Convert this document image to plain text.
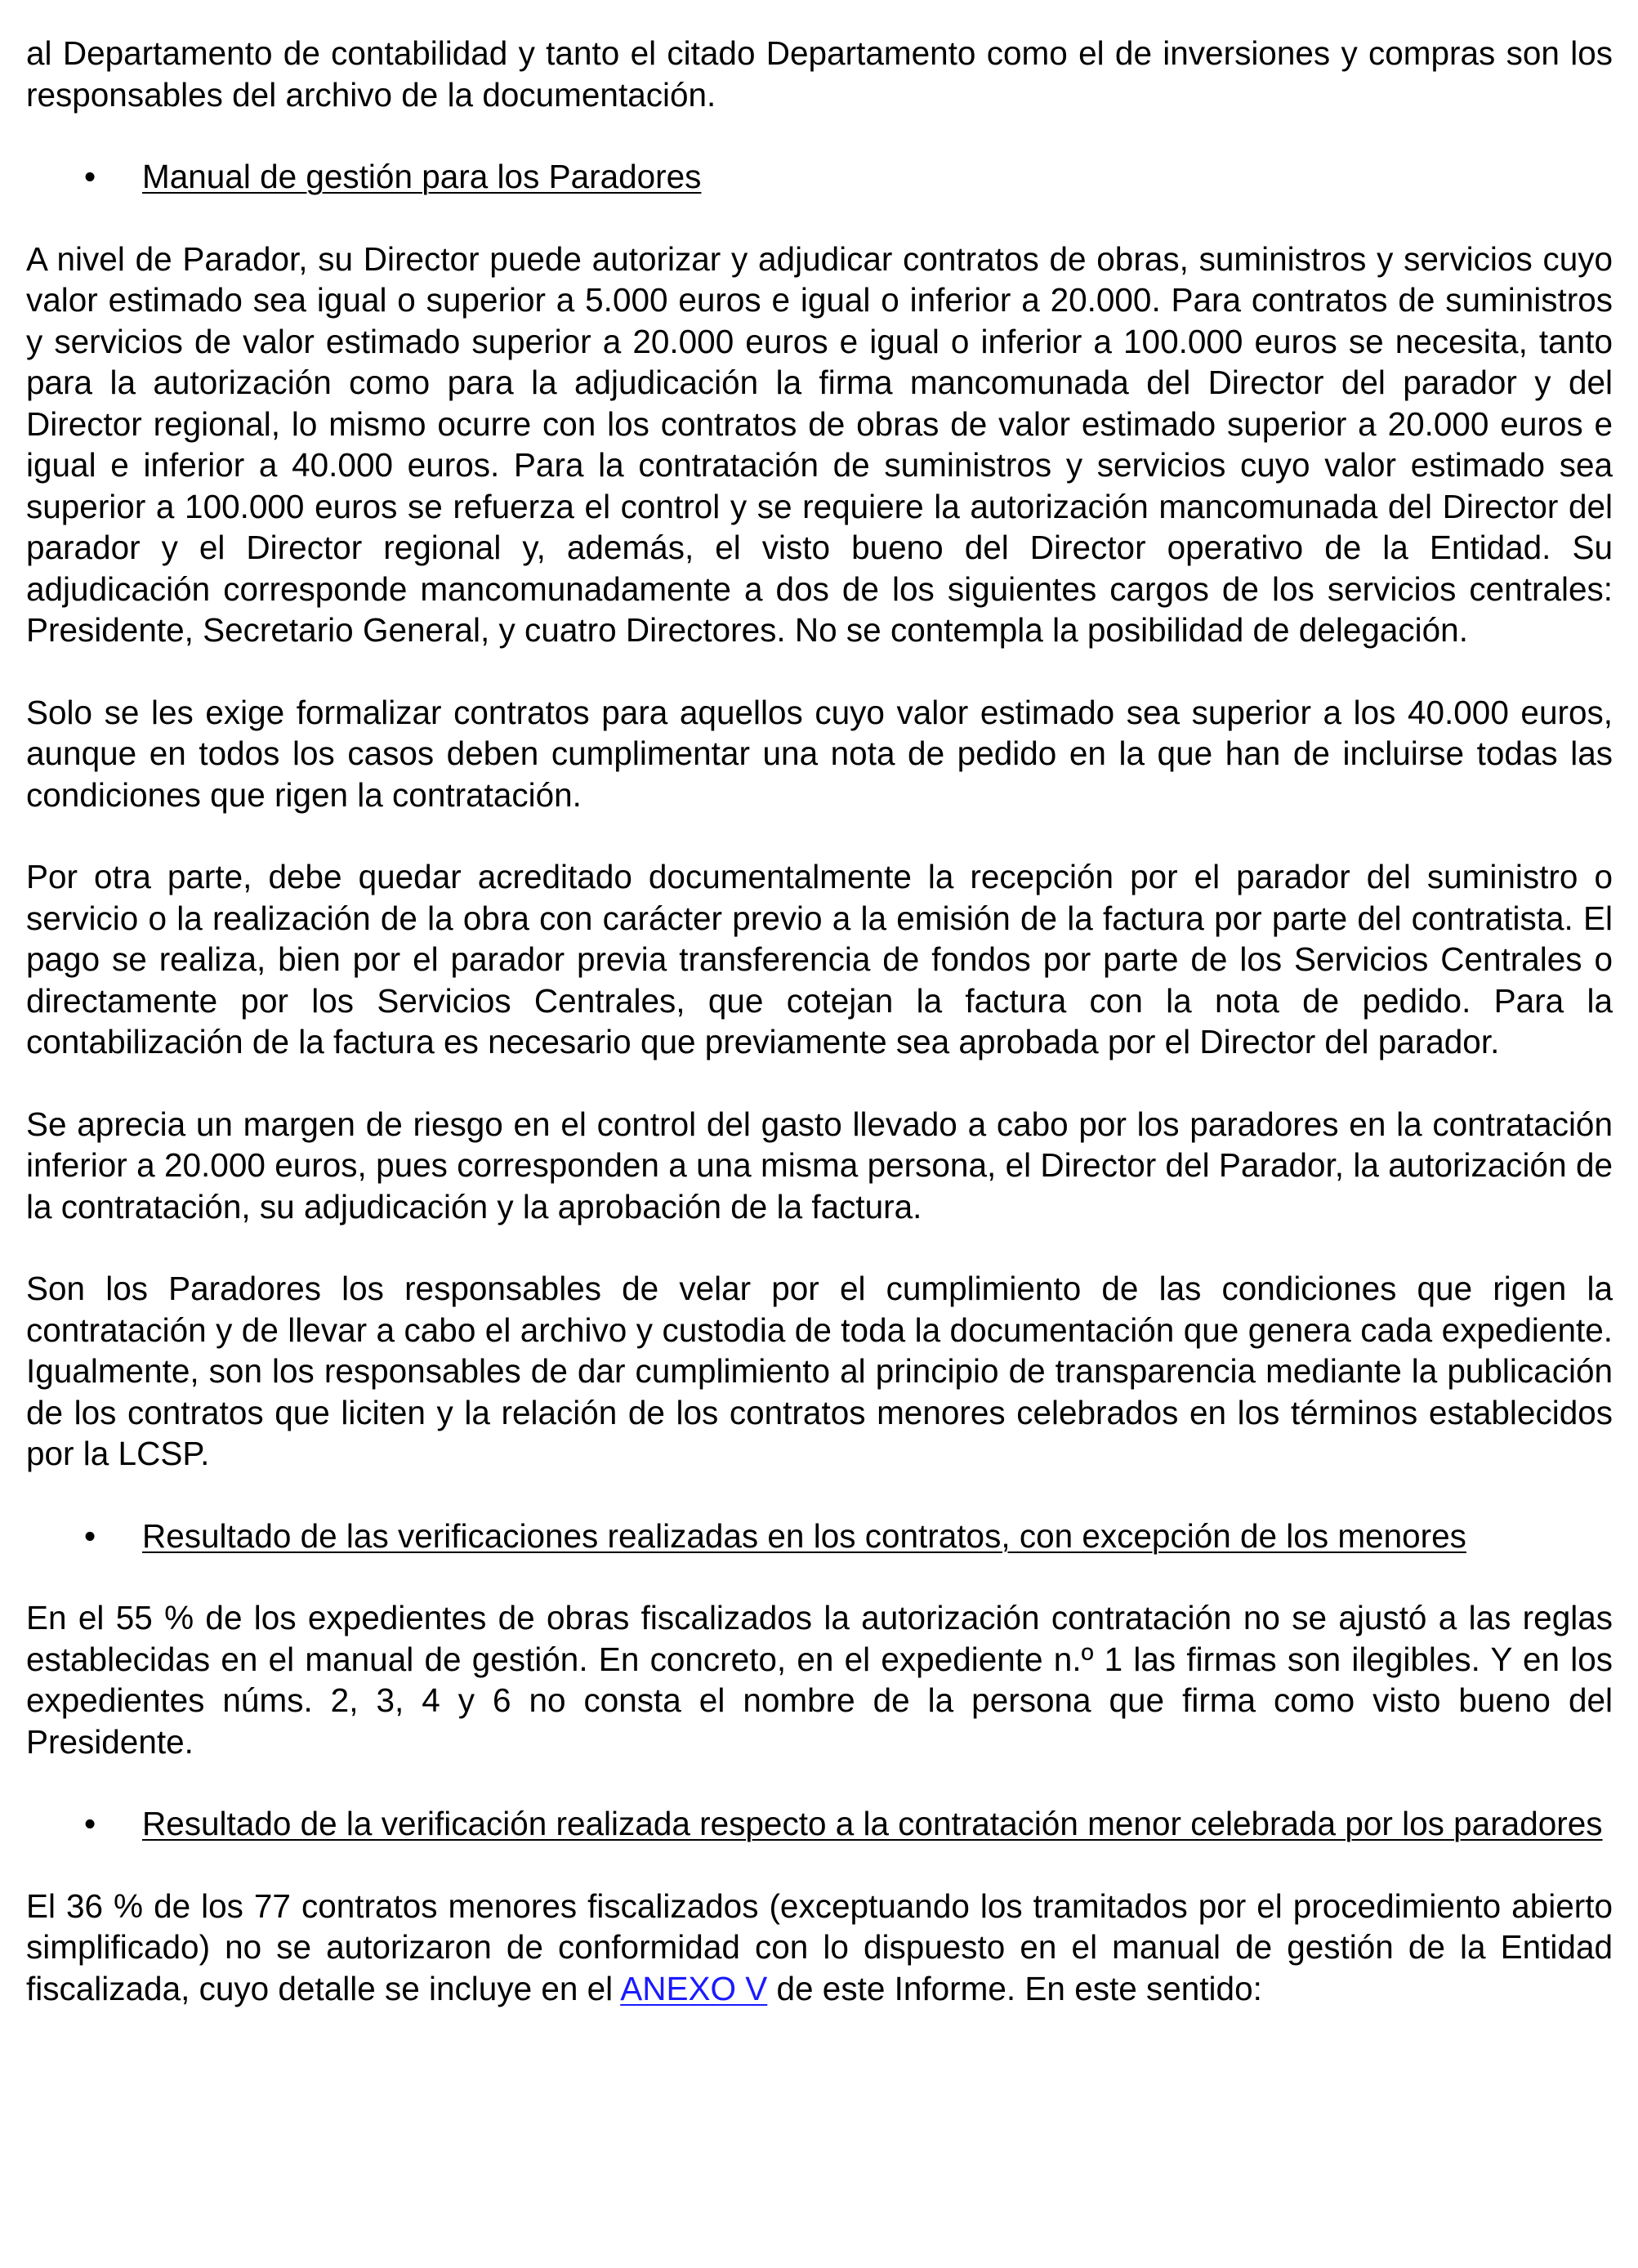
al Departamento de contabilidad y tanto el citado Departamento como el de inversiones y compras son los responsables del archivo de la documentación.

• Manual de gestión para los Paradores

A nivel de Parador, su Director puede autorizar y adjudicar contratos de obras, suministros y servicios cuyo valor estimado sea igual o superior a 5.000 euros e igual o inferior a 20.000. Para contratos de suministros y servicios de valor estimado superior a 20.000 euros e igual o inferior a 100.000 euros se necesita, tanto para la autorización como para la adjudicación la firma mancomunada del Director del parador y del Director regional, lo mismo ocurre con los contratos de obras de valor estimado superior a 20.000 euros e igual e inferior a 40.000 euros. Para la contratación de suministros y servicios cuyo valor estimado sea superior a 100.000 euros se refuerza el control y se requiere la autorización mancomunada del Director del parador y el Director regional y, además, el visto bueno del Director operativo de la Entidad. Su adjudicación corresponde mancomunadamente a dos de los siguientes cargos de los servicios centrales: Presidente, Secretario General, y cuatro Directores. No se contempla la posibilidad de delegación.

Solo se les exige formalizar contratos para aquellos cuyo valor estimado sea superior a los 40.000 euros, aunque en todos los casos deben cumplimentar una nota de pedido en la que han de incluirse todas las condiciones que rigen la contratación.

Por otra parte, debe quedar acreditado documentalmente la recepción por el parador del suministro o servicio o la realización de la obra con carácter previo a la emisión de la factura por parte del contratista. El pago se realiza, bien por el parador previa transferencia de fondos por parte de los Servicios Centrales o directamente por los Servicios Centrales, que cotejan la factura con la nota de pedido. Para la contabilización de la factura es necesario que previamente sea aprobada por el Director del parador.

Se aprecia un margen de riesgo en el control del gasto llevado a cabo por los paradores en la contratación inferior a 20.000 euros, pues corresponden a una misma persona, el Director del Parador, la autorización de la contratación, su adjudicación y la aprobación de la factura.

Son los Paradores los responsables de velar por el cumplimiento de las condiciones que rigen la contratación y de llevar a cabo el archivo y custodia de toda la documentación que genera cada expediente. Igualmente, son los responsables de dar cumplimiento al principio de transparencia mediante la publicación de los contratos que liciten y la relación de los contratos menores celebrados en los términos establecidos por la LCSP.

• Resultado de las verificaciones realizadas en los contratos, con excepción de los menores

En el 55 % de los expedientes de obras fiscalizados la autorización contratación no se ajustó a las reglas establecidas en el manual de gestión. En concreto, en el expediente n.º 1 las firmas son ilegibles. Y en los expedientes núms. 2, 3, 4 y 6 no consta el nombre de la persona que firma como visto bueno del Presidente.

• Resultado de la verificación realizada respecto a la contratación menor celebrada por los paradores

El 36 % de los 77 contratos menores fiscalizados (exceptuando los tramitados por el procedimiento abierto simplificado) no se autorizaron de conformidad con lo dispuesto en el manual de gestión de la Entidad fiscalizada, cuyo detalle se incluye en el ANEXO V de este Informe. En este sentido:
